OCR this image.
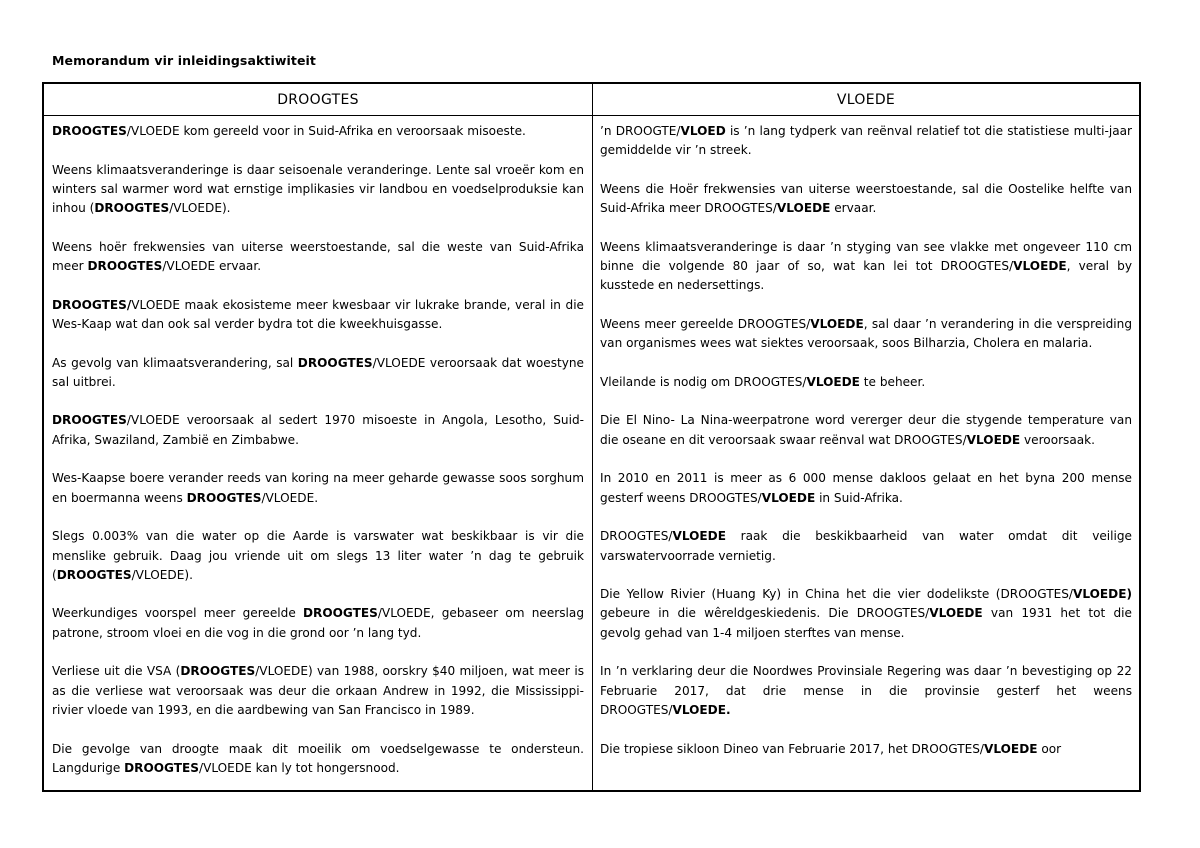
Memorandum vir inleidingsaktiwiteit
DROOGTES	VLOEDE

DROOGTES/VLOEDE kom gereeld voor in Suid-Afrika en veroorsaak misoeste.

Weens klimaatsveranderinge is daar seisoenale veranderinge. Lente sal vroeër kom en winters sal warmer word wat ernstige implikasies vir landbou en voedselproduksie kan inhou (DROOGTES/VLOEDE).

Weens hoër frekwensies van uiterse weerstoestande, sal die weste van Suid-Afrika meer DROOGTES/VLOEDE ervaar.

DROOGTES/VLOEDE maak ekosisteme meer kwesbaar vir lukrake brande, veral in die Wes-Kaap wat dan ook sal verder bydra tot die kweekhuisgasse.

As gevolg van klimaatsverandering, sal DROOGTES/VLOEDE veroorsaak dat woestyne sal uitbrei.

DROOGTES/VLOEDE veroorsaak al sedert 1970 misoeste in Angola, Lesotho, Suid-Afrika, Swaziland, Zambië en Zimbabwe.

Wes-Kaapse boere verander reeds van koring na meer geharde gewasse soos sorghum en boermanna weens DROOGTES/VLOEDE.

Slegs 0.003% van die water op die Aarde is varswater wat beskikbaar is vir die menslike gebruik. Daag jou vriende uit om slegs 13 liter water ’n dag te gebruik (DROOGTES/VLOEDE).

Weerkundiges voorspel meer gereelde DROOGTES/VLOEDE, gebaseer om neerslag patrone, stroom vloei en die vog in die grond oor ’n lang tyd.

Verliese uit die VSA (DROOGTES/VLOEDE) van 1988, oorskry $40 miljoen, wat meer is as die verliese wat veroorsaak was deur die orkaan Andrew in 1992, die Mississippi-rivier vloede van 1993, en die aardbewing van San Francisco in 1989.

Die gevolge van droogte maak dit moeilik om voedselgewasse te ondersteun. Langdurige DROOGTES/VLOEDE kan ly tot hongersnood.

’n DROOGTE/VLOED is ’n lang tydperk van reënval relatief tot die statistiese multi-jaar gemiddelde vir ’n streek.

Weens die Hoër frekwensies van uiterse weerstoestande, sal die Oostelike helfte van Suid-Afrika meer DROOGTES/VLOEDE ervaar.

Weens klimaatsveranderinge is daar ’n styging van see vlakke met ongeveer 110 cm binne die volgende 80 jaar of so, wat kan lei tot DROOGTES/VLOEDE, veral by kusstede en nedersettings.

Weens meer gereelde DROOGTES/VLOEDE, sal daar ’n verandering in die verspreiding van organismes wees wat siektes veroorsaak, soos Bilharzia, Cholera en malaria.

Vleilande is nodig om DROOGTES/VLOEDE te beheer.

Die El Nino- La Nina-weerpatrone word vererger deur die stygende temperature van die oseane en dit veroorsaak swaar reënval wat DROOGTES/VLOEDE veroorsaak.

In 2010 en 2011 is meer as 6 000 mense dakloos gelaat en het byna 200 mense gesterf weens DROOGTES/VLOEDE in Suid-Afrika.

DROOGTES/VLOEDE raak die beskikbaarheid van water omdat dit veilige varswatervoorrade vernietig.

Die Yellow Rivier (Huang Ky) in China het die vier dodelikste (DROOGTES/VLOEDE) gebeure in die wêreldgeskiedenis. Die DROOGTES/VLOEDE van 1931 het tot die gevolg gehad van 1-4 miljoen sterftes van mense.

In ’n verklaring deur die Noordwes Provinsiale Regering was daar ’n bevestiging op 22 Februarie 2017, dat drie mense in die provinsie gesterf het weens DROOGTES/VLOEDE.

Die tropiese sikloon Dineo van Februarie 2017, het DROOGTES/VLOEDE oor
